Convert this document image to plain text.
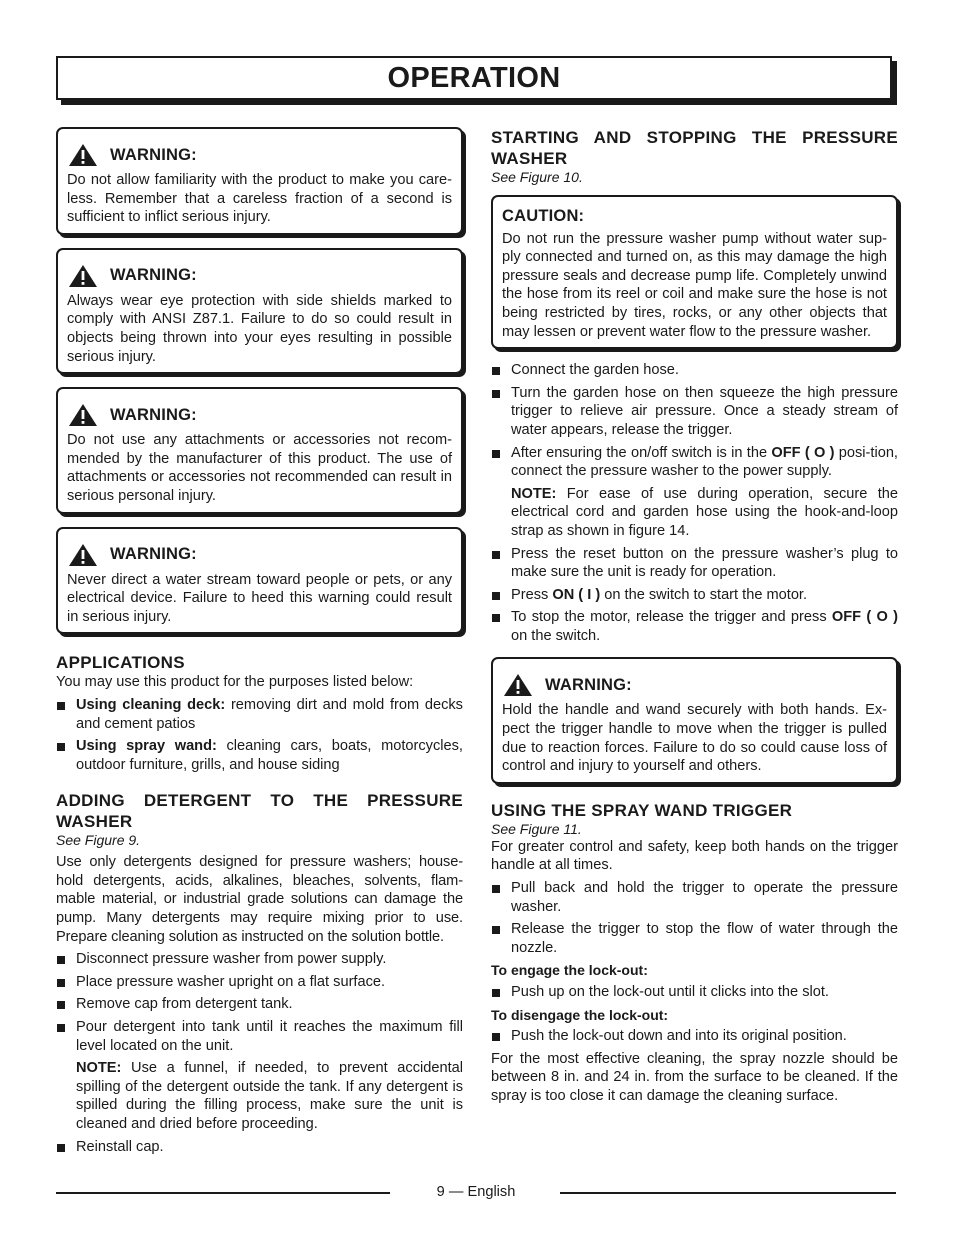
OPERATION
WARNING:

Do not allow familiarity with the product to make you care-less. Remember that a careless fraction of a second is sufficient to inflict serious injury.

WARNING:

Always wear eye protection with side shields marked to comply with ANSI Z87.1. Failure to do so could result in objects being thrown into your eyes resulting in possible serious injury.

WARNING:

Do not use any attachments or accessories not recom-mended by the manufacturer of this product. The use of attachments or accessories not recommended can result in serious personal injury.

WARNING:

Never direct a water stream toward people or pets, or any electrical device. Failure to heed this warning could result in serious injury.

APPLICATIONS

You may use this product for the purposes listed below:

Using cleaning deck: removing dirt and mold from decks and cement patios
Using spray wand: cleaning cars, boats, motorcycles, outdoor furniture, grills, and house siding
ADDING DETERGENT TO THE PRESSURE WASHER

See Figure 9.

Use only detergents designed for pressure washers; house-hold detergents, acids, alkalines, bleaches, solvents, flam-mable material, or industrial grade solutions can damage the pump. Many detergents may require mixing prior to use. Prepare cleaning solution as instructed on the solution bottle.

Disconnect pressure washer from power supply.
Place pressure washer upright on a flat surface.
Remove cap from detergent tank.
Pour detergent into tank until it reaches the maximum fill level located on the unit.

NOTE: Use a funnel, if needed, to prevent accidental spilling of the detergent outside the tank. If any detergent is spilled during the filling process, make sure the unit is cleaned and dried before proceeding.

Reinstall cap.
STARTING AND STOPPING THE PRESSURE WASHER

See Figure 10.

CAUTION:

Do not run the pressure washer pump without water sup-ply connected and turned on, as this may damage the high pressure seals and decrease pump life. Completely unwind the hose from its reel or coil and make sure the hose is not being restricted by tires, rocks, or any other objects that may lessen or prevent water flow to the pressure washer.

Connect the garden hose.
Turn the garden hose on then squeeze the high pressure trigger to relieve air pressure. Once a steady stream of water appears, release the trigger.
After ensuring the on/off switch is in the OFF ( O ) posi-tion, connect the pressure washer to the power supply.

NOTE: For ease of use during operation, secure the electrical cord and garden hose using the hook-and-loop strap as shown in figure 14.

Press the reset button on the pressure washer’s plug to make sure the unit is ready for operation.
Press ON ( I ) on the switch to start the motor.
To stop the motor, release the trigger and press OFF ( O ) on the switch.
WARNING:

Hold the handle and wand securely with both hands. Ex-pect the trigger handle to move when the trigger is pulled due to reaction forces. Failure to do so could cause loss of control and injury to yourself and others.

USING THE SPRAY WAND TRIGGER

See Figure 11.

For greater control and safety, keep both hands on the trigger handle at all times.

Pull back and hold the trigger to operate the pressure washer.
Release the trigger to stop the flow of water through the nozzle.

To engage the lock-out:

Push up on the lock-out until it clicks into the slot.

To disengage the lock-out:

Push the lock-out down and into its original position.

For the most effective cleaning, the spray nozzle should be between 8 in. and 24 in. from the surface to be cleaned. If the spray is too close it can damage the cleaning surface.

9 — English
